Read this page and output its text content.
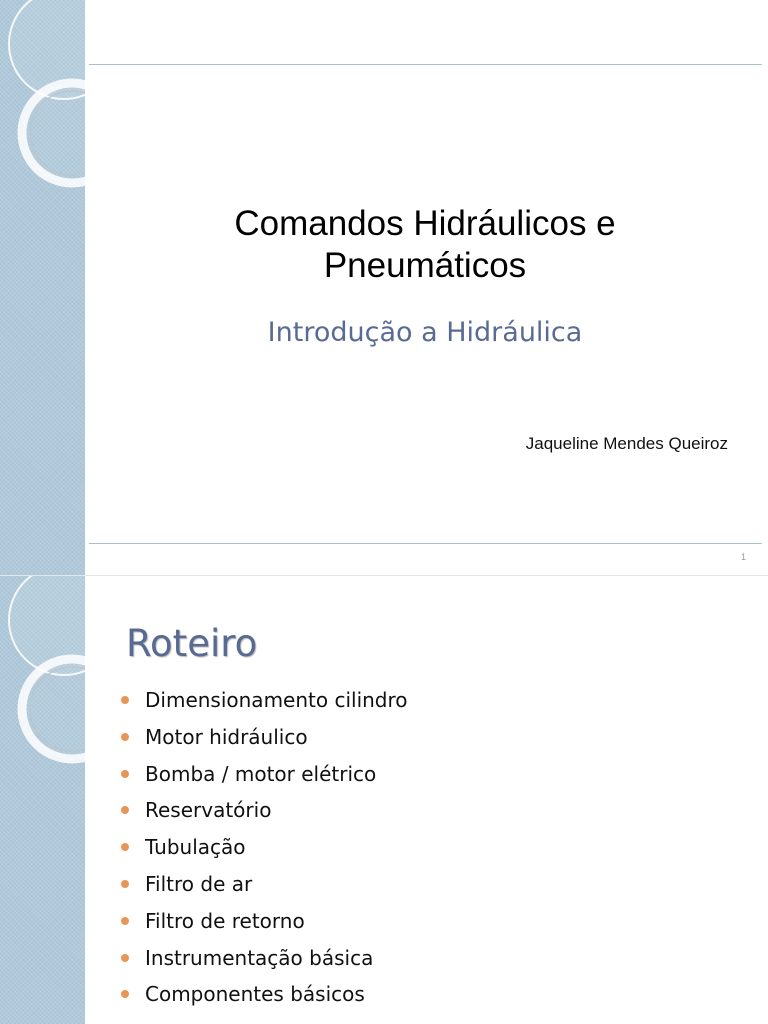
Comandos Hidráulicos e
Pneumáticos
Introdução a Hidráulica
Jaqueline Mendes Queiroz
1
Roteiro
Dimensionamento cilindro
Motor hidráulico
Bomba / motor elétrico
Reservatório
Tubulação
Filtro de ar
Filtro de retorno
Instrumentação básica
Componentes básicos
